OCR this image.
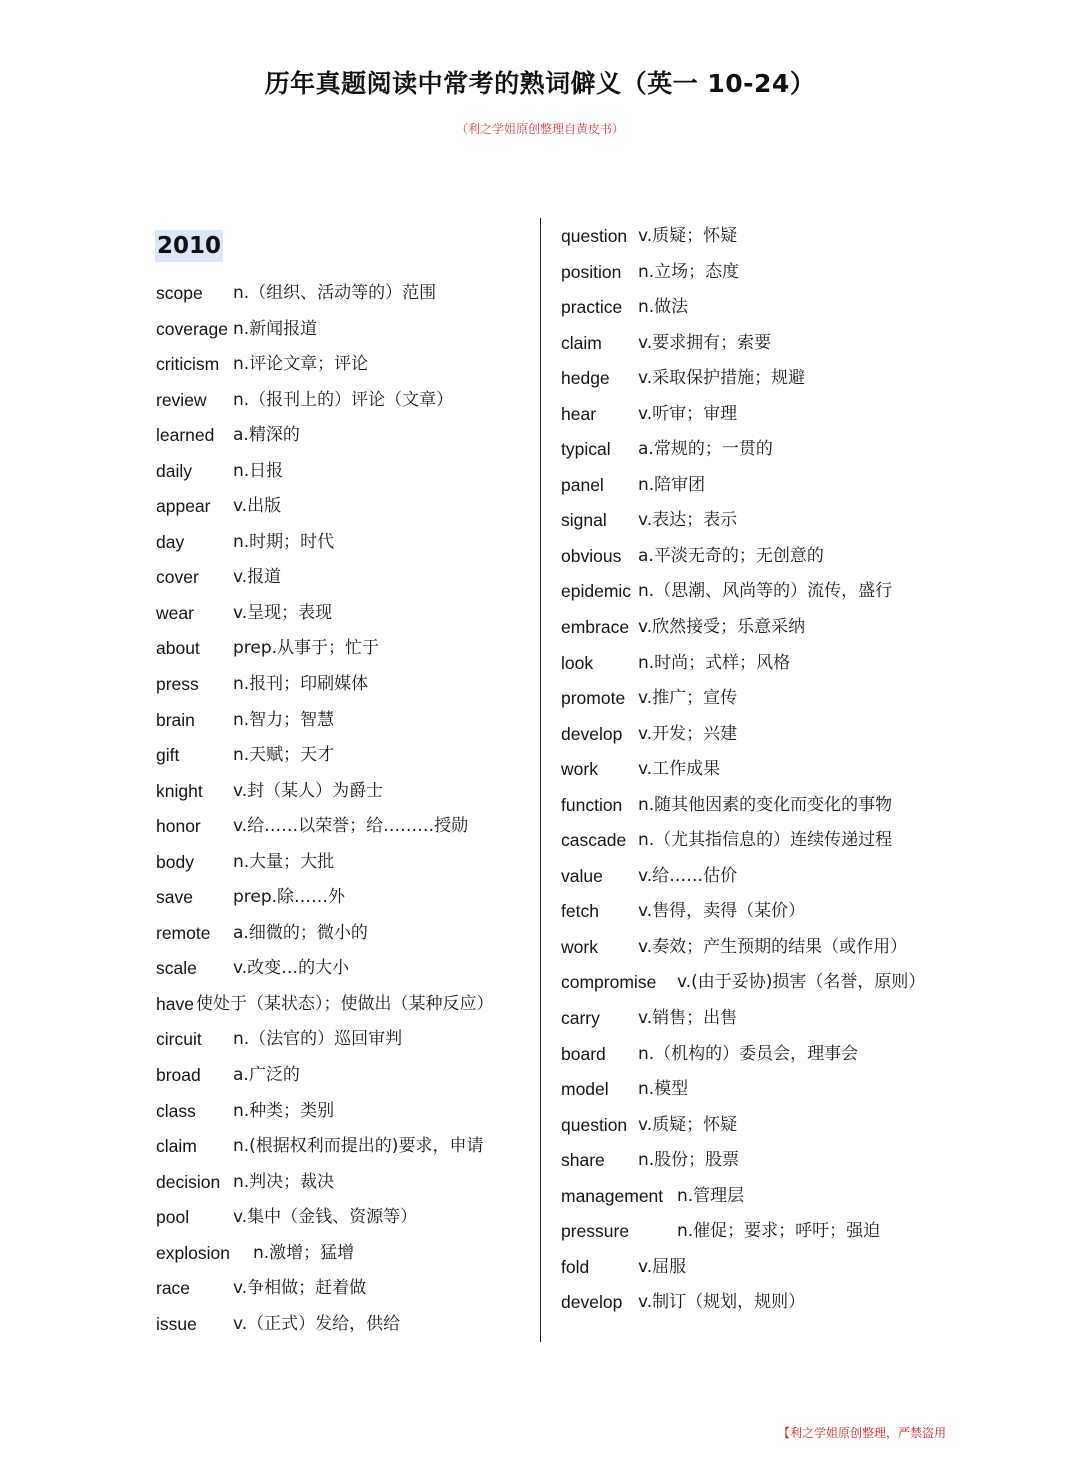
历年真题阅读中常考的熟词僻义（英一 10-24）
（利之学姐原创整理自黄皮书）
2010
scope n.（组织、活动等的）范围
coverage n.新闻报道
criticism n.评论文章；评论
review n.（报刊上的）评论（文章）
learned a.精深的
daily n.日报
appear v.出版
day	n.时期；时代
cover v.报道
wear v.呈现；表现
about prep.从事于；忙于
press n.报刊；印刷媒体
brain n.智力；智慧
gift	n.天赋；天才
knight v.封（某人）为爵士
honor v.给……以荣誉；给………授勋
body n.大量；大批
save prep.除……外
remote a.细微的；微小的
scale v.改变…的大小
have 使处于（某状态）；使做出（某种反应）
circuit n.（法官的）巡回审判
broad a.广泛的
class n.种类；类别
claim n.(根据权利而提出的)要求，申请
decision n.判决；裁决
pool	v.集中（金钱、资源等）
explosion n.激增；猛增
race	v.争相做；赶着做
issue v.（正式）发给，供给
question v.质疑；怀疑
position n.立场；态度
practice n.做法
claim v.要求拥有；索要
hedge v.采取保护措施；规避
hear v.听审；审理
typical a.常规的；一贯的
panel n.陪审团
signal v.表达；表示
obvious a.平淡无奇的；无创意的
epidemic n.（思潮、风尚等的）流传，盛行
embrace v.欣然接受；乐意采纳
look	n.时尚；式样；风格
promote v.推广；宣传
develop v.开发；兴建
work v.工作成果
function n.随其他因素的变化而变化的事物
cascade n.（尤其指信息的）连续传递过程
value v.给……估价
fetch v.售得，卖得（某价）
work v.奏效；产生预期的结果（或作用）
compromise v.(由于妥协)损害（名誉，原则）
carry v.销售；出售
board n.（机构的）委员会，理事会
model n.模型
question v.质疑；怀疑
share n.股份；股票
management n.管理层
pressure	n.催促；要求；呼吁；强迫
fold	v.屈服
develop v.制订（规划，规则）
【利之学姐原创整理，严禁盗用
